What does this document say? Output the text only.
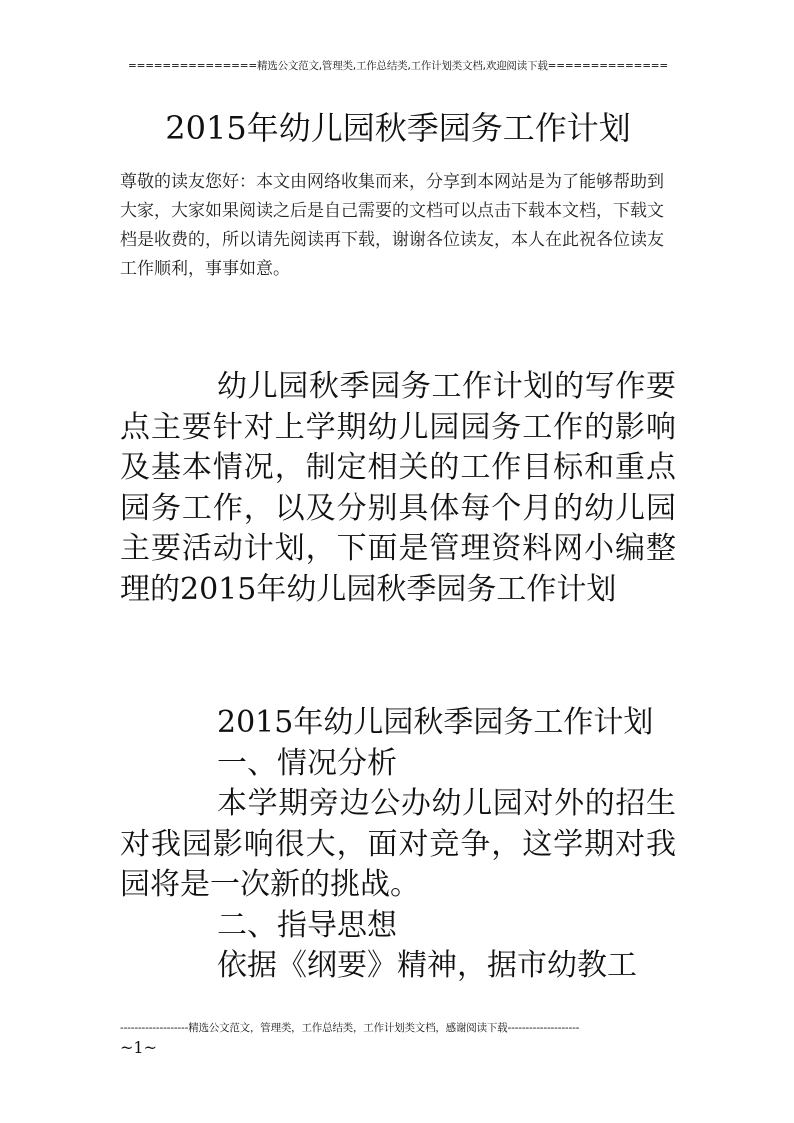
===============精选公文范文,管理类,工作总结类,工作计划类文档,欢迎阅读下载==============
2015年幼儿园秋季园务工作计划

尊敬的读友您好：本文由网络收集而来，分享到本网站是为了能够帮助到大家，大家如果阅读之后是自己需要的文档可以点击下载本文档，下载文档是收费的，所以请先阅读再下载，谢谢各位读友，本人在此祝各位读友工作顺利，事事如意。

幼儿园秋季园务工作计划的写作要点主要针对上学期幼儿园园务工作的影响及基本情况，制定相关的工作目标和重点园务工作，以及分别具体每个月的幼儿园主要活动计划，下面是管理资料网小编整理的2015年幼儿园秋季园务工作计划

2015年幼儿园秋季园务工作计划

一、情况分析

本学期旁边公办幼儿园对外的招生对我园影响很大，面对竞争，这学期对我园将是一次新的挑战。

二、指导思想

依据《纲要》精神，据市幼教工

-------------------精选公文范文，管理类，工作总结类，工作计划类文档，感谢阅读下载--------------------
~1~
